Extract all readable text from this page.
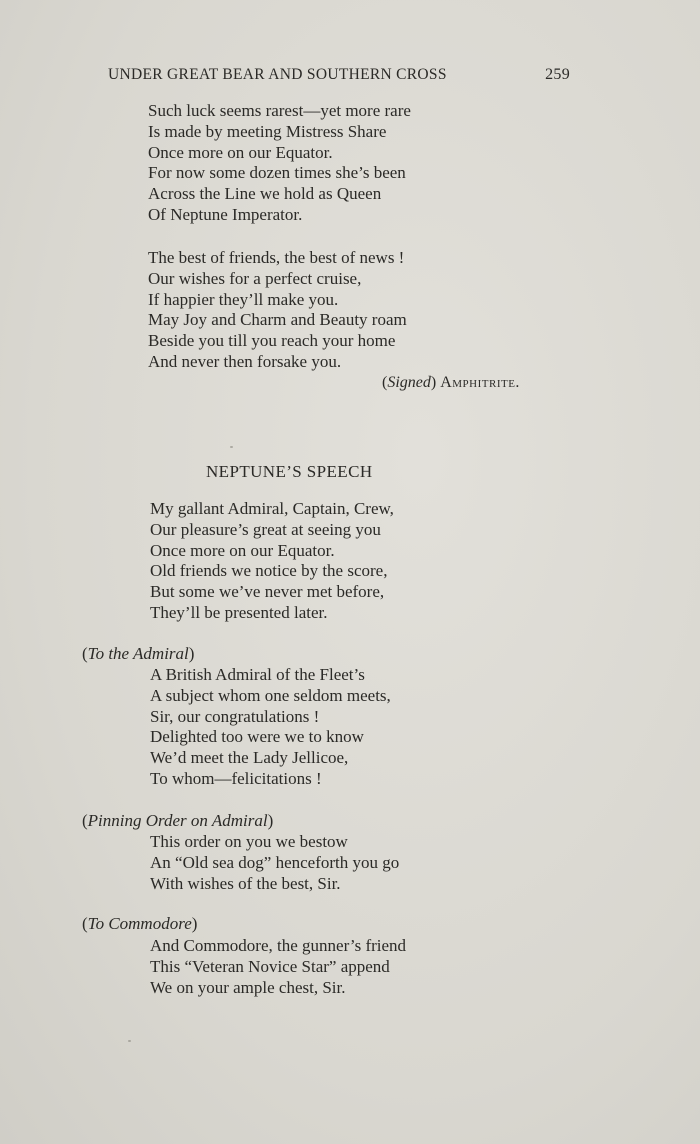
UNDER GREAT BEAR AND SOUTHERN CROSS	259
Such luck seems rarest—yet more rare
Is made by meeting Mistress Share
Once more on our Equator.
For now some dozen times she’s been
Across the Line we hold as Queen
Of Neptune Imperator.
The best of friends, the best of news !
Our wishes for a perfect cruise,
If happier they’ll make you.
May Joy and Charm and Beauty roam
Beside you till you reach your home
And never then forsake you.
(Signed) Amphitrite.
NEPTUNE’S SPEECH
My gallant Admiral, Captain, Crew,
Our pleasure’s great at seeing you
Once more on our Equator.
Old friends we notice by the score,
But some we’ve never met before,
They’ll be presented later.
(To the Admiral)
A British Admiral of the Fleet’s
A subject whom one seldom meets,
Sir, our congratulations !
Delighted too were we to know
We’d meet the Lady Jellicoe,
To whom—felicitations !
(Pinning Order on Admiral)
This order on you we bestow
An “Old sea dog” henceforth you go
With wishes of the best, Sir.
(To Commodore)
And Commodore, the gunner’s friend
This “Veteran Novice Star” append
We on your ample chest, Sir.
